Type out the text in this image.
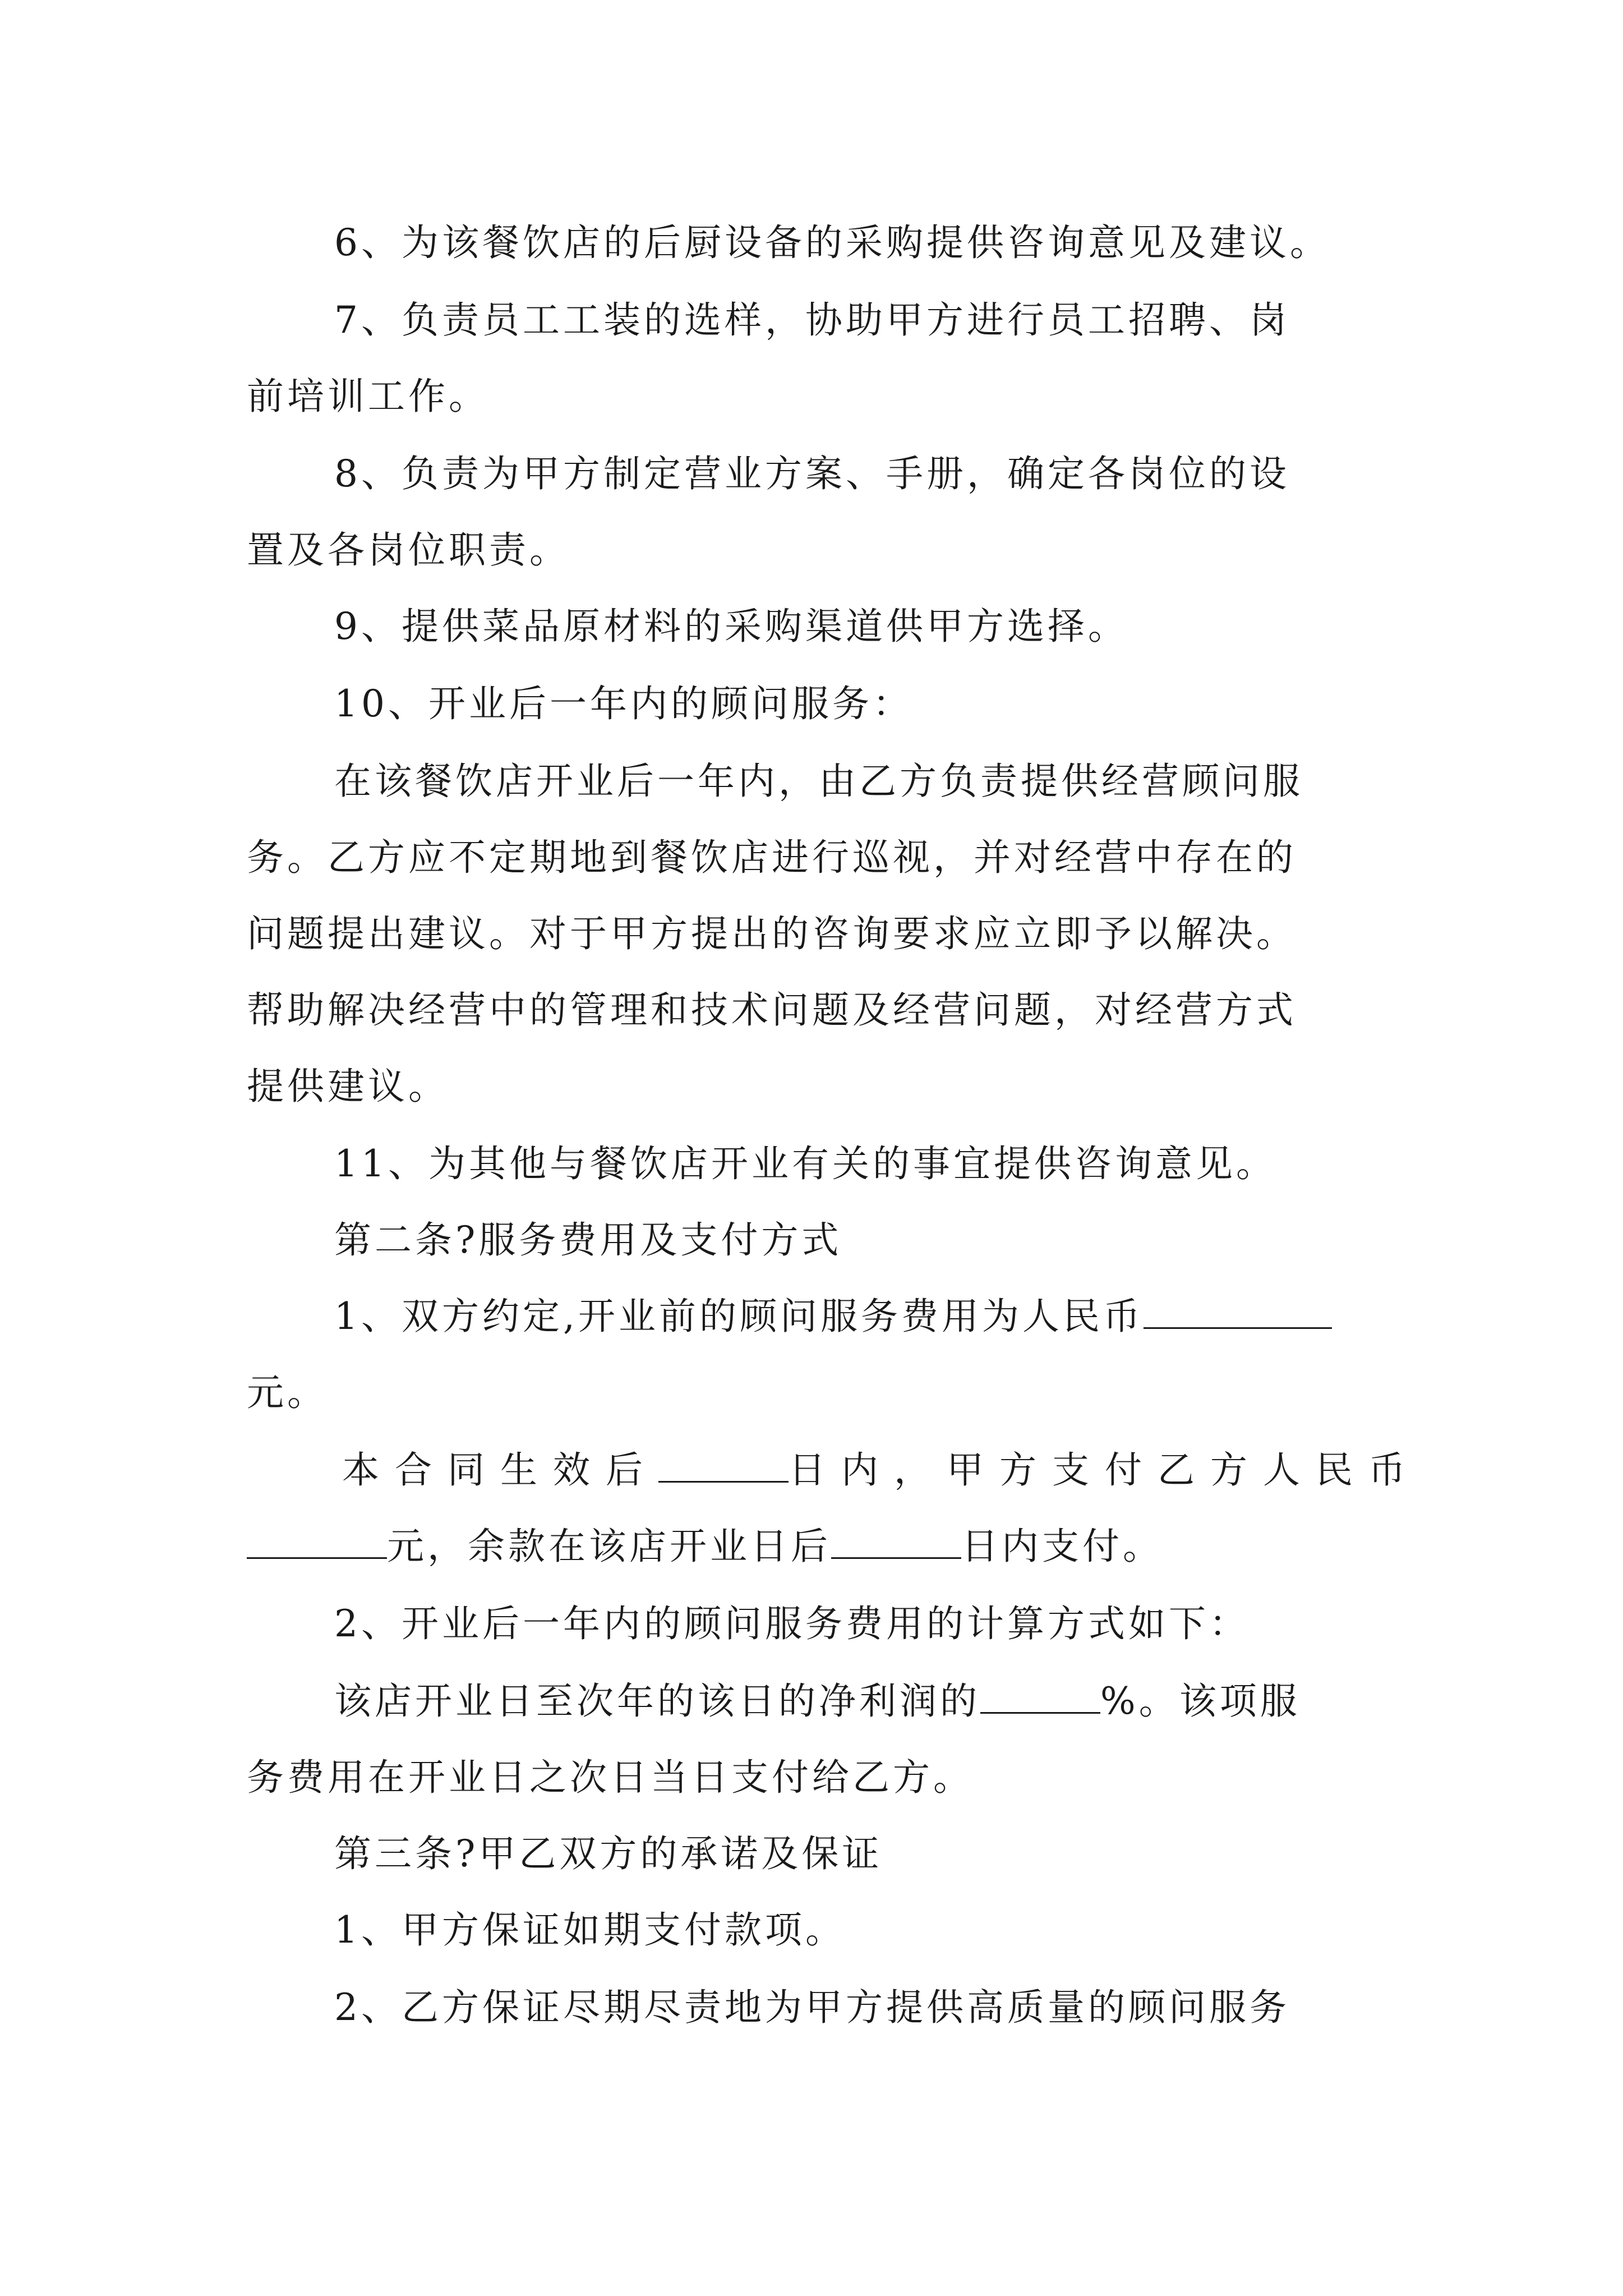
6、为该餐饮店的后厨设备的采购提供咨询意见及建议。
7、负责员工工装的选样，协助甲方进行员工招聘、岗
前培训工作。
8、负责为甲方制定营业方案、手册，确定各岗位的设
置及各岗位职责。
9、提供菜品原材料的采购渠道供甲方选择。
10、开业后一年内的顾问服务：
在该餐饮店开业后一年内，由乙方负责提供经营顾问服
务。乙方应不定期地到餐饮店进行巡视，并对经营中存在的
问题提出建议。对于甲方提出的咨询要求应立即予以解决。
帮助解决经营中的管理和技术问题及经营问题，对经营方式
提供建议。
11、为其他与餐饮店开业有关的事宜提供咨询意见。
第二条?服务费用及支付方式
1、双方约定,开业前的顾问服务费用为人民币
元。
本合同生效后	日内，甲方支付乙方人民币
元，余款在该店开业日后	日内支付。
2、开业后一年内的顾问服务费用的计算方式如下：
该店开业日至次年的该日的净利润的	%。该项服
务费用在开业日之次日当日支付给乙方。
第三条?甲乙双方的承诺及保证
1、甲方保证如期支付款项。
2、乙方保证尽期尽责地为甲方提供高质量的顾问服务
